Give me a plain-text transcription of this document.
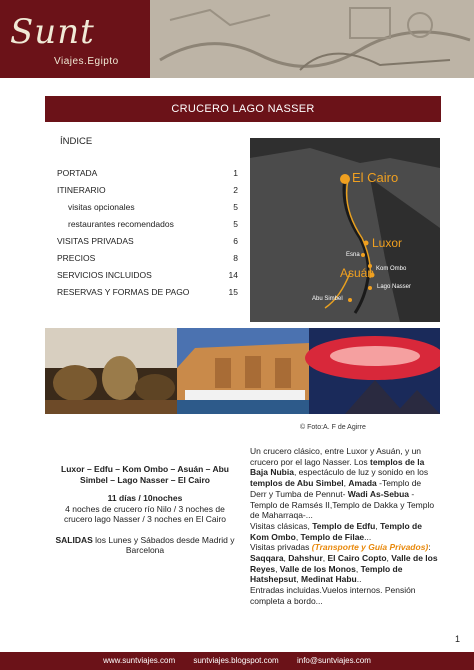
Sunt
Viajes.Egipto
CRUCERO LAGO NASSER
ÍNDICE
PORTADA	1
ITINERARIO	2
visitas opcionales	5
restaurantes recomendados	5
VISITAS PRIVADAS	6
PRECIOS	8
SERVICIOS INCLUIDOS	14
RESERVAS Y FORMAS DE PAGO	15
El Cairo
Luxor
Esna
Kom Ombo
Asuán
Lago Nasser
Abu Simbel
© Foto:A. F de Agirre
Luxor – Edfu – Kom Ombo – Asuán – Abu Simbel – Lago Nasser – El Cairo
11 días / 10noches
4 noches de crucero río Nilo / 3 noches de crucero lago Nasser / 3 noches en El Cairo
SALIDAS los Lunes y Sábados desde Madrid y Barcelona
Un crucero clásico, entre Luxor y Asuán, y un crucero por el lago Nasser. Los templos de la Baja Nubia, espectáculo de luz y sonido en los templos de Abu Simbel, Amada -Templo de Derr y Tumba de Pennut- Wadi As-Sebua -Templo de Ramsés II,Templo de Dakka y Templo de Maharraqa-...
Visitas clásicas, Templo de Edfu, Templo de Kom Ombo, Templo de Filae...
Visitas privadas (Transporte y Guía Privados): Saqqara, Dahshur, El Cairo Copto, Valle de los Reyes, Valle de los Monos, Templo de Hatshepsut, Medinat Habu..
Entradas incluidas.Vuelos internos. Pensión completa a bordo...
1
www.suntviajes.com suntviajes.blogspot.com info@suntviajes.com
